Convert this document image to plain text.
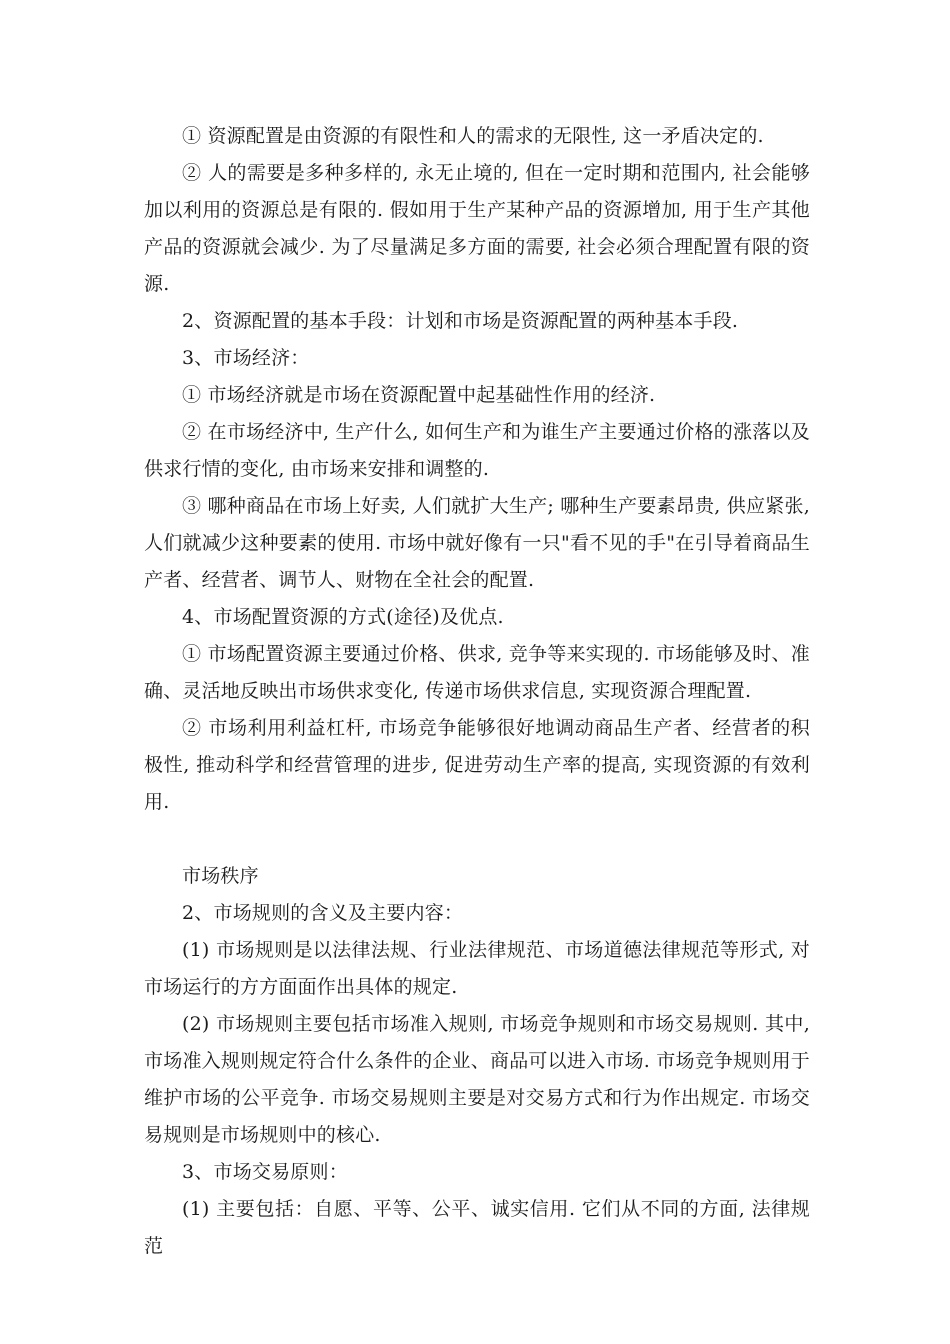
① 资源配置是由资源的有限性和人的需求的无限性, 这一矛盾决定的.

② 人的需要是多种多样的, 永无止境的, 但在一定时期和范围内, 社会能够加以利用的资源总是有限的. 假如用于生产某种产品的资源增加, 用于生产其他产品的资源就会减少. 为了尽量满足多方面的需要, 社会必须合理配置有限的资源.

2、资源配置的基本手段：计划和市场是资源配置的两种基本手段.

3、市场经济：

① 市场经济就是市场在资源配置中起基础性作用的经济.

② 在市场经济中, 生产什么, 如何生产和为谁生产主要通过价格的涨落以及供求行情的变化, 由市场来安排和调整的.

③ 哪种商品在市场上好卖, 人们就扩大生产; 哪种生产要素昂贵, 供应紧张, 人们就减少这种要素的使用. 市场中就好像有一只"看不见的手"在引导着商品生产者、经营者、调节人、财物在全社会的配置.

4、市场配置资源的方式(途径)及优点.

① 市场配置资源主要通过价格、供求, 竞争等来实现的. 市场能够及时、准确、灵活地反映出市场供求变化, 传递市场供求信息, 实现资源合理配置.

② 市场利用利益杠杆, 市场竞争能够很好地调动商品生产者、经营者的积极性, 推动科学和经营管理的进步, 促进劳动生产率的提高, 实现资源的有效利用.

市场秩序

2、市场规则的含义及主要内容：

(1) 市场规则是以法律法规、行业法律规范、市场道德法律规范等形式, 对市场运行的方方面面作出具体的规定.

(2) 市场规则主要包括市场准入规则, 市场竞争规则和市场交易规则. 其中, 市场准入规则规定符合什么条件的企业、商品可以进入市场. 市场竞争规则用于维护市场的公平竞争. 市场交易规则主要是对交易方式和行为作出规定. 市场交易规则是市场规则中的核心.

3、市场交易原则：

(1) 主要包括：自愿、平等、公平、诚实信用. 它们从不同的方面, 法律规范
